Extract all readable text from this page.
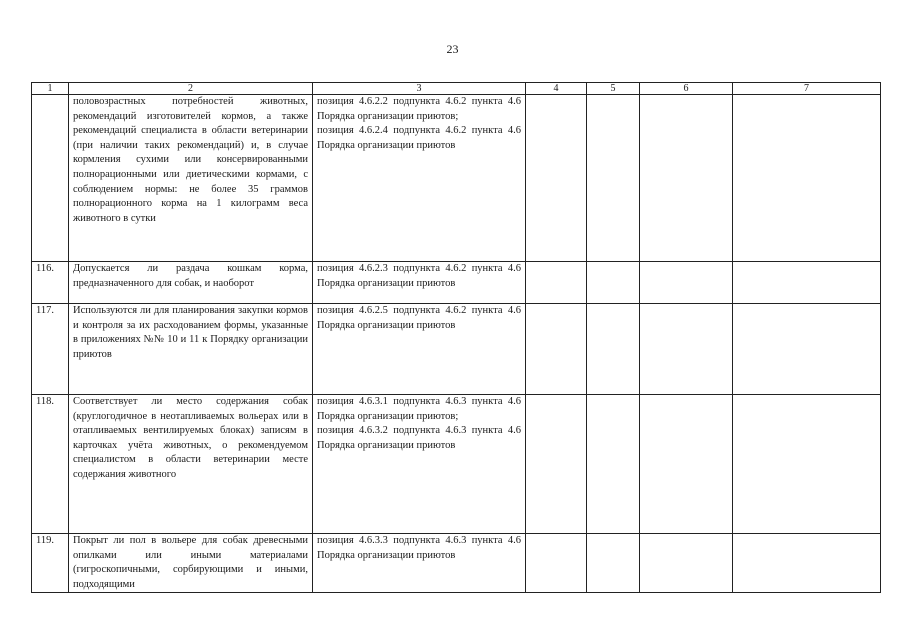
23
1	2	3	4	5	6	7
	половозрастных потребностей животных, рекомендаций изготовителей кормов, а также рекомендаций специалиста в области ветеринарии (при наличии таких рекомендаций) и, в случае кормления сухими или консервированными полнорационными или диетическими кормами, с соблюдением нормы: не более 35 граммов полнорационного корма на 1 килограмм веса животного в сутки	позиция 4.6.2.2 подпункта 4.6.2 пункта 4.6 Порядка организации приютов;
позиция 4.6.2.4 подпункта 4.6.2 пункта 4.6 Порядка организации приютов				

116.	Допускается ли раздача кошкам корма, предназначенного для собак, и наоборот	позиция 4.6.2.3 подпункта 4.6.2 пункта 4.6 Порядка организации приютов				

117.	Используются ли для планирования закупки кормов и контроля за их расходованием формы, указанные в приложениях №№ 10 и 11 к Порядку организации приютов	позиция 4.6.2.5 подпункта 4.6.2 пункта 4.6 Порядка организации приютов				

118.	Соответствует ли место содержания собак (круглогодичное в неотапливаемых вольерах или в отапливаемых вентилируемых блоках) записям в карточках учёта животных, о рекомендуемом специалистом в области ветеринарии месте содержания животного	позиция 4.6.3.1 подпункта 4.6.3 пункта 4.6 Порядка организации приютов;
позиция 4.6.3.2 подпункта 4.6.3 пункта 4.6 Порядка организации приютов				

119.	Покрыт ли пол в вольере для собак древесными опилками или иными материалами (гигроскопичными, сорбирующими и иными, подходящими	позиция 4.6.3.3 подпункта 4.6.3 пункта 4.6 Порядка организации приютов				
